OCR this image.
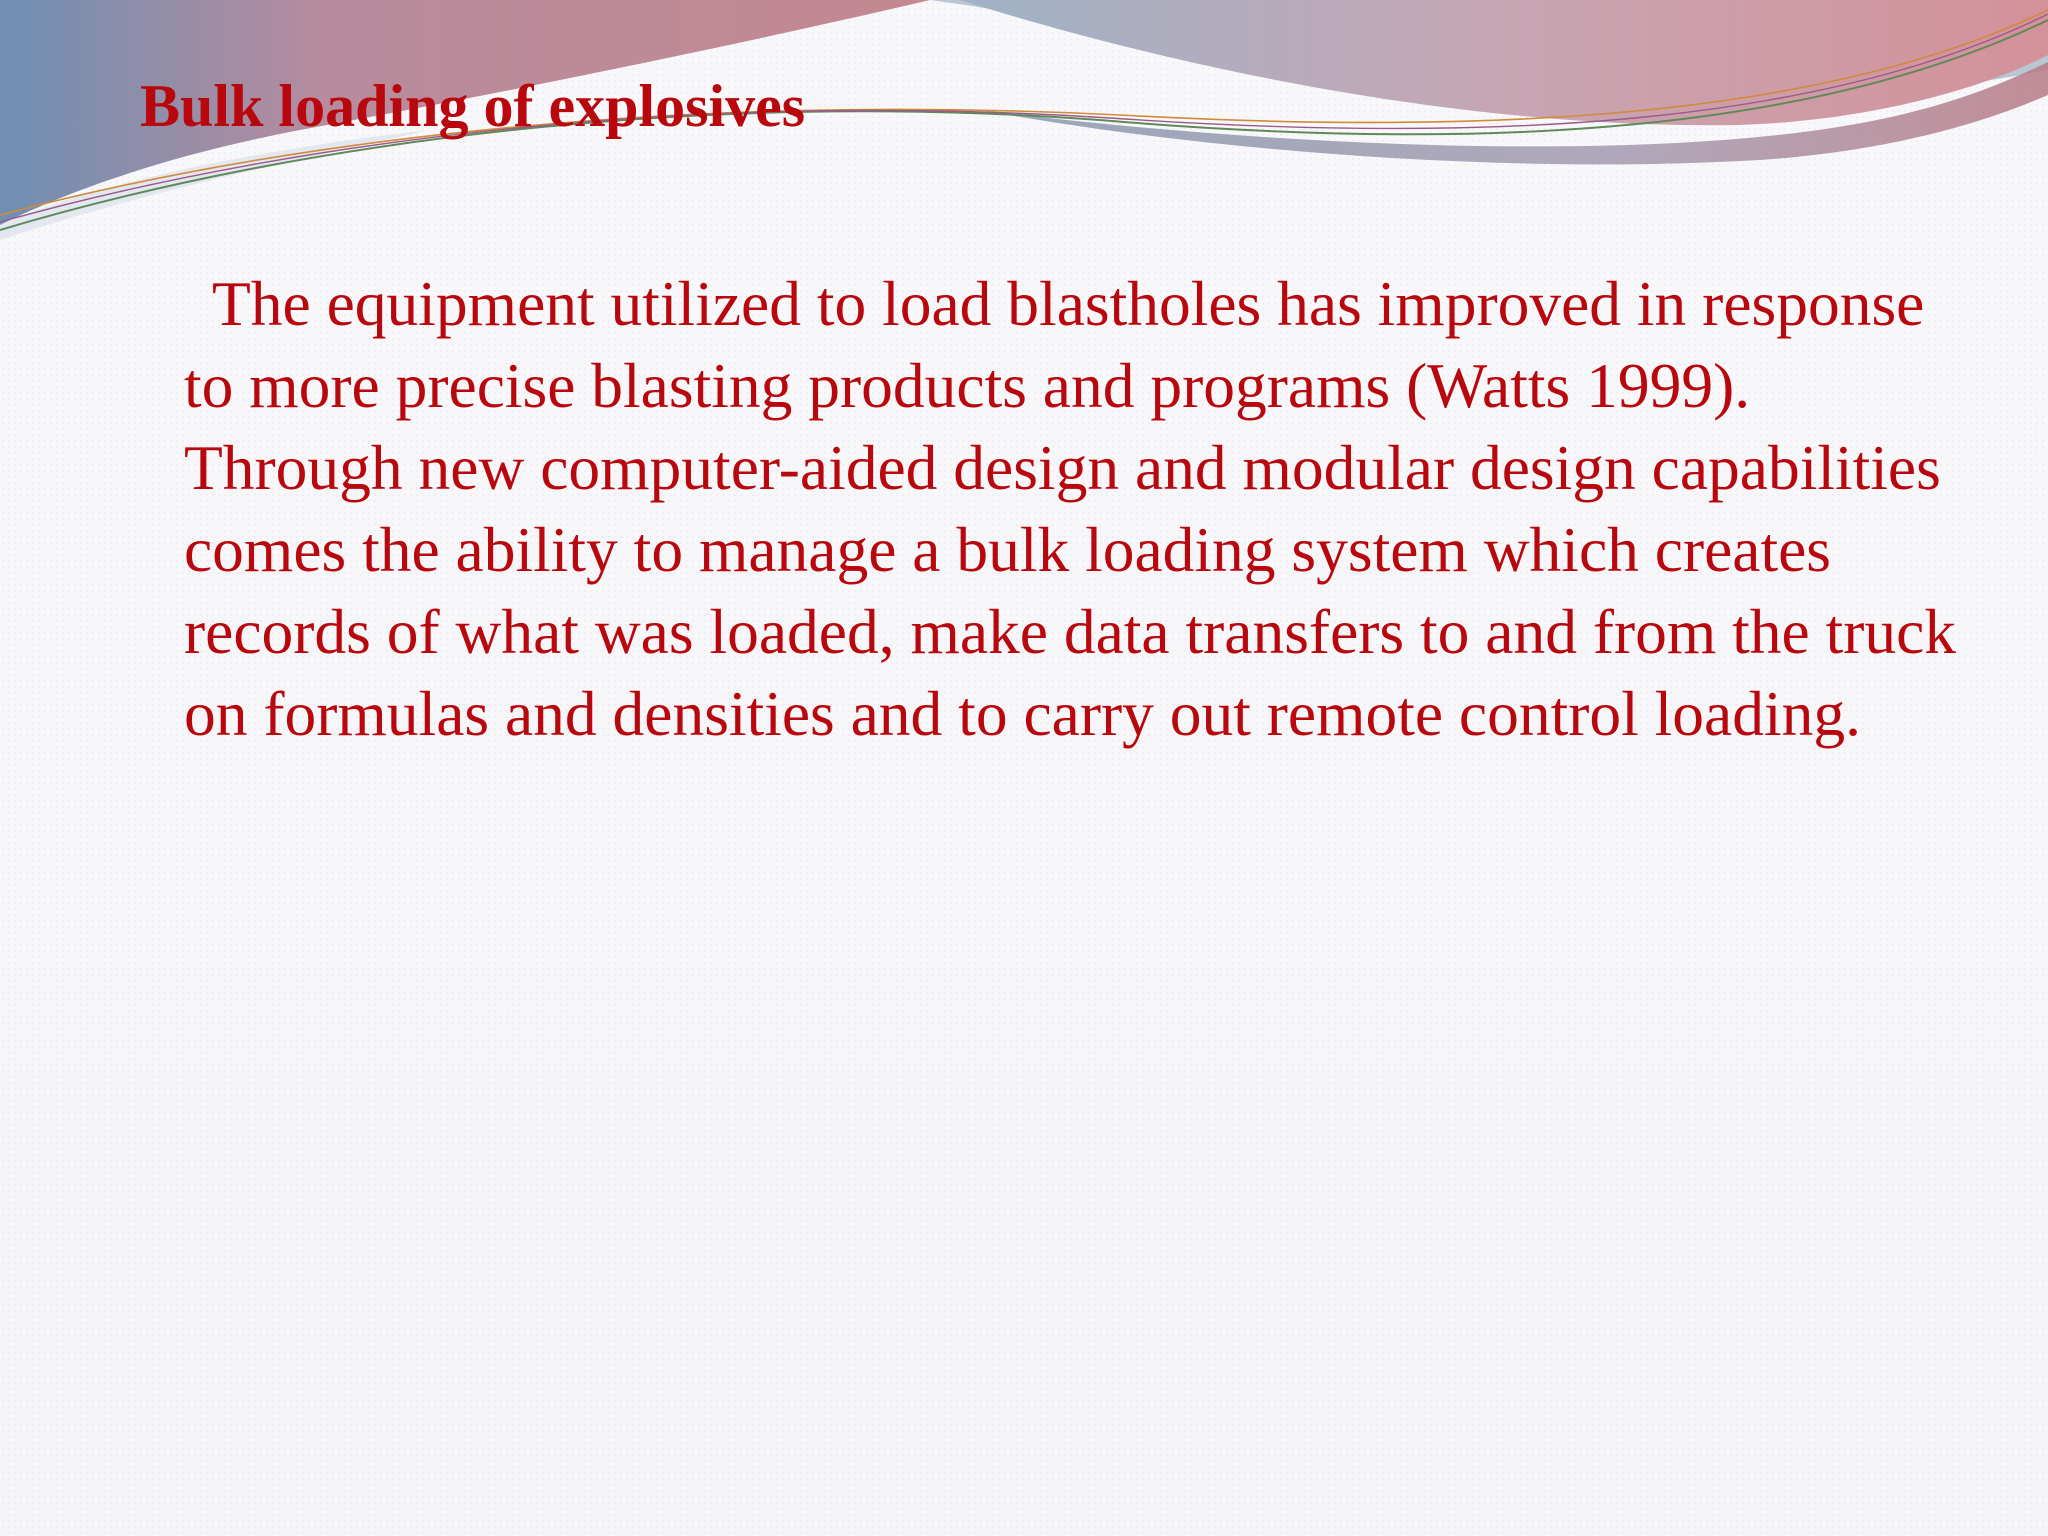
Bulk loading of explosives

The equipment utilized to load blastholes has improved in response to more precise blasting products and programs (Watts 1999). Through new computer-aided design and modular design capabilities comes the ability to manage a bulk loading system which creates records of what was loaded, make data transfers to and from the truck on formulas and densities and to carry out remote control loading.
